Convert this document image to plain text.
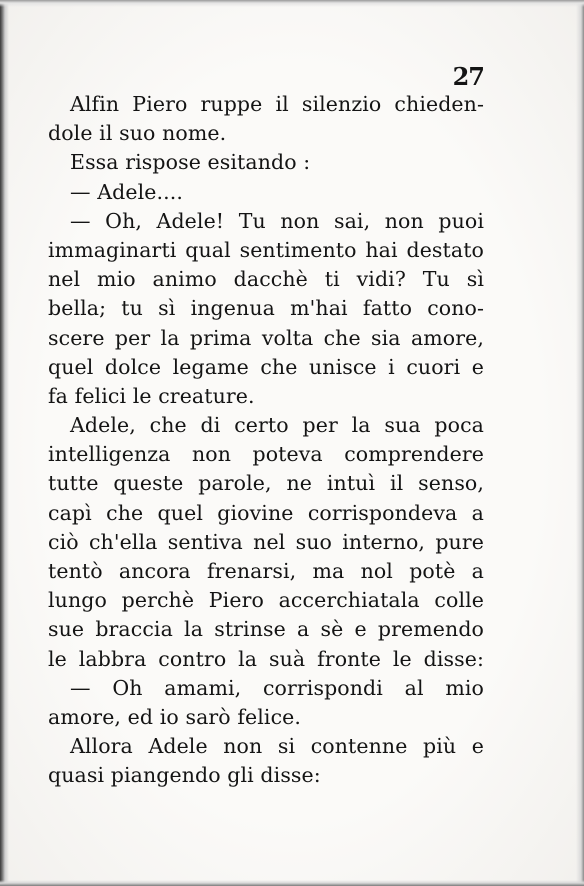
27
Alfin Piero ruppe il silenzio chieden-
dole il suo nome.
Essa rispose esitando :
— Adele....
— Oh, Adele! Tu non sai, non puoi
immaginarti qual sentimento hai destato
nel mio animo dacchè ti vidi? Tu sì
bella; tu sì ingenua m'hai fatto cono-
scere per la prima volta che sia amore,
quel dolce legame che unisce i cuori e
fa felici le creature.
Adele, che di certo per la sua poca
intelligenza non poteva comprendere
tutte queste parole, ne intuì il senso,
capì che quel giovine corrispondeva a
ciò ch'ella sentiva nel suo interno, pure
tentò ancora frenarsi, ma nol potè a
lungo perchè Piero accerchiatala colle
sue braccia la strinse a sè e premendo
le labbra contro la suà fronte le disse:
— Oh amami, corrispondi al mio
amore, ed io sarò felice.
Allora Adele non si contenne più e
quasi piangendo gli disse:
